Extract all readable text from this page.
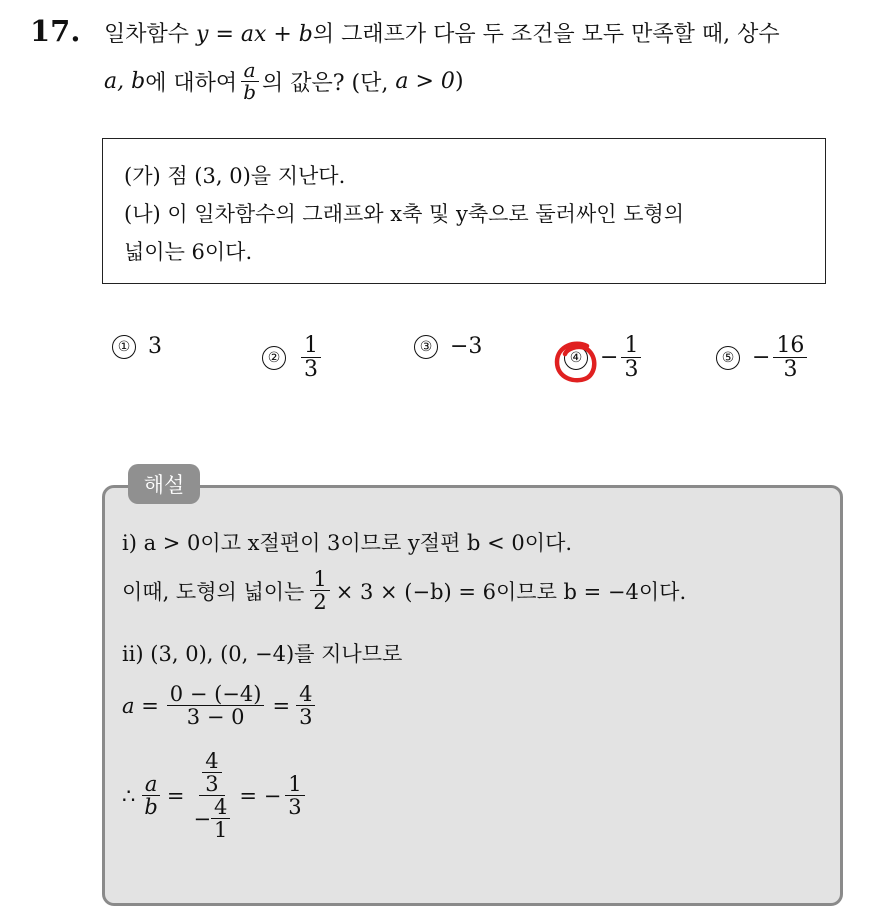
17. 일차함수 y = ax + b의 그래프가 다음 두 조건을 모두 만족할 때, 상수
a, b 에 대하여 $\frac{a}{b}$ 의 값은? (단,
a > 0 )
(가) 점 (3, 0)을 지난다.
(나) 이 일차함수의 그래프와 x축 및 y축으로 둘러싸인 도형의
넓이는 6이다.
① 3	② $\frac{1}{3}$	③ −3	④ − $\frac{1}{3}$	⑤ − $\frac{16}{3}$
해설
ⅰ) a > 0이고 x절편이 3이므로 y절편 b < 0이다.
이때, 도형의 넓이는 $\frac{1}{2} \times 3 \times (-b) = 6$이므로 b = −4이다.
ⅱ) (3, 0), (0, −4)를 지나므로
$a = \frac{0 - (-4)}{3 - 0} = \frac{4}{3}$
∴ $\frac{a}{b} = \frac{\frac{4}{3}}{- \frac{4}{1}}$ = − $\frac{1}{3}$
